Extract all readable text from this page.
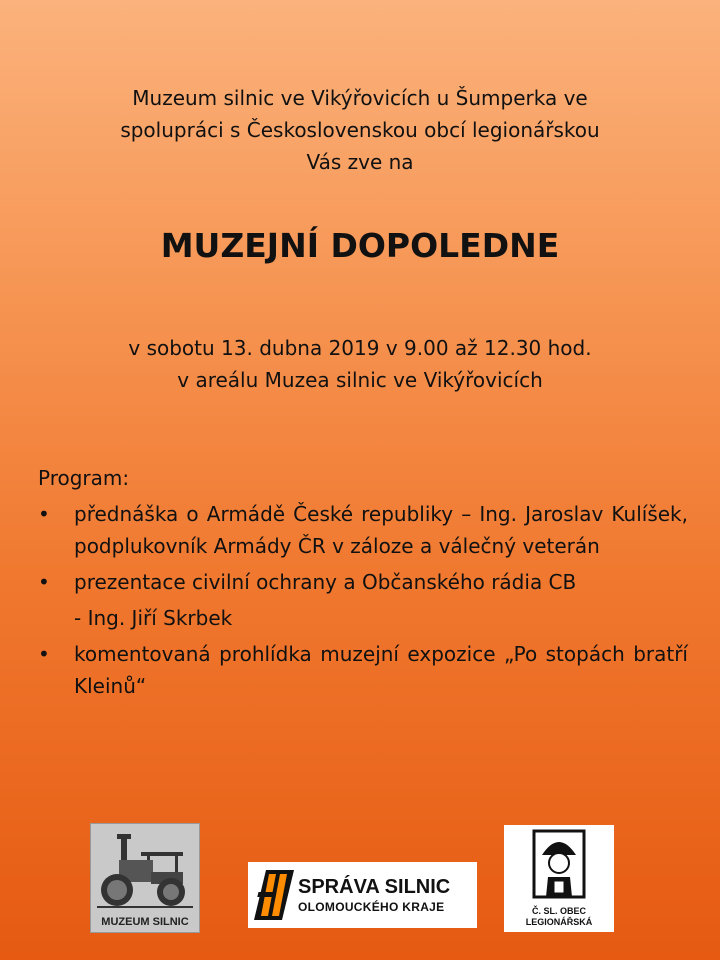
Muzeum silnic ve Vikýřovicích u Šumperka ve
spolupráci s Československou obcí legionářskou
Vás zve na
MUZEJNÍ DOPOLEDNE
v sobotu 13. dubna 2019 v 9.00 až 12.30 hod.
v areálu Muzea silnic ve Vikýřovicích
Program:
• přednáška o Armádě České republiky – Ing. Jaroslav Kulíšek, podplukovník Armády ČR v záloze a válečný veterán
• prezentace civilní ochrany a Občanského rádia CB
- Ing. Jiří Skrbek
• komentovaná prohlídka muzejní expozice „Po stopách bratří Kleinů“
MUZEUM SILNIC
SPRÁVA SILNIC
OLOMOUCKÉHO KRAJE	Č. SL. OBEC
LEGIONÁŘSKÁ
